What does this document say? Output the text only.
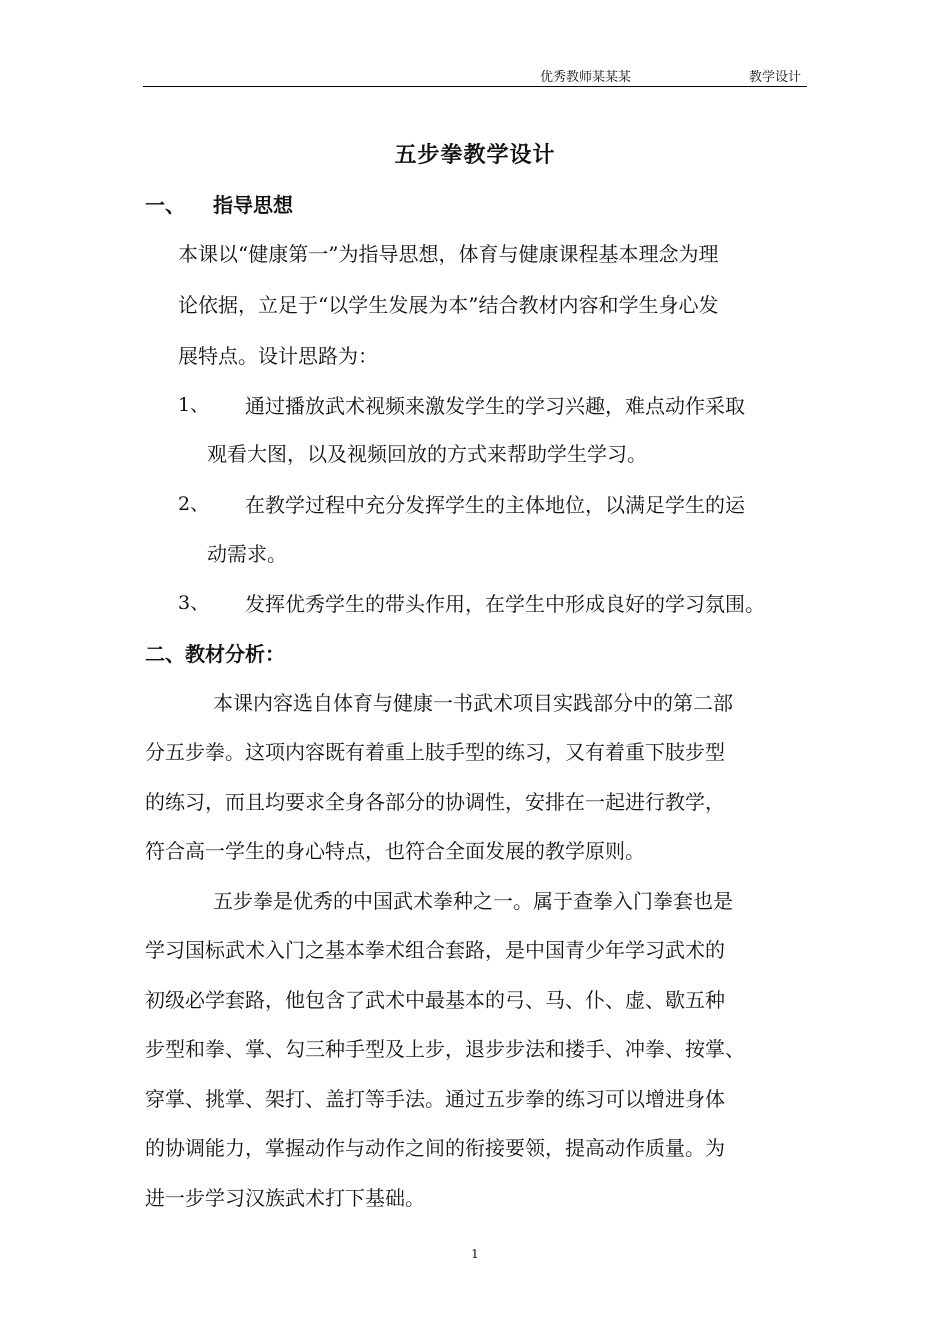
优秀教师某某某	教学设计
五步拳教学设计
一、 指导思想
本课以“健康第一”为指导思想，体育与健康课程基本理念为理
论依据，立足于“以学生发展为本”结合教材内容和学生身心发
展特点。设计思路为：
1、 通过播放武术视频来激发学生的学习兴趣，难点动作采取
观看大图，以及视频回放的方式来帮助学生学习。
2、 在教学过程中充分发挥学生的主体地位，以满足学生的运
动需求。
3、 发挥优秀学生的带头作用，在学生中形成良好的学习氛围。
二、教材分析：
本课内容选自体育与健康一书武术项目实践部分中的第二部
分五步拳。这项内容既有着重上肢手型的练习，又有着重下肢步型
的练习，而且均要求全身各部分的协调性，安排在一起进行教学，
符合高一学生的身心特点，也符合全面发展的教学原则。
五步拳是优秀的中国武术拳种之一。属于查拳入门拳套也是
学习国标武术入门之基本拳术组合套路，是中国青少年学习武术的
初级必学套路，他包含了武术中最基本的弓、马、仆、虚、歇五种
步型和拳、掌、勾三种手型及上步，退步步法和搂手、冲拳、按掌、
穿掌、挑掌、架打、盖打等手法。通过五步拳的练习可以增进身体
的协调能力，掌握动作与动作之间的衔接要领，提高动作质量。为
进一步学习汉族武术打下基础。
1
